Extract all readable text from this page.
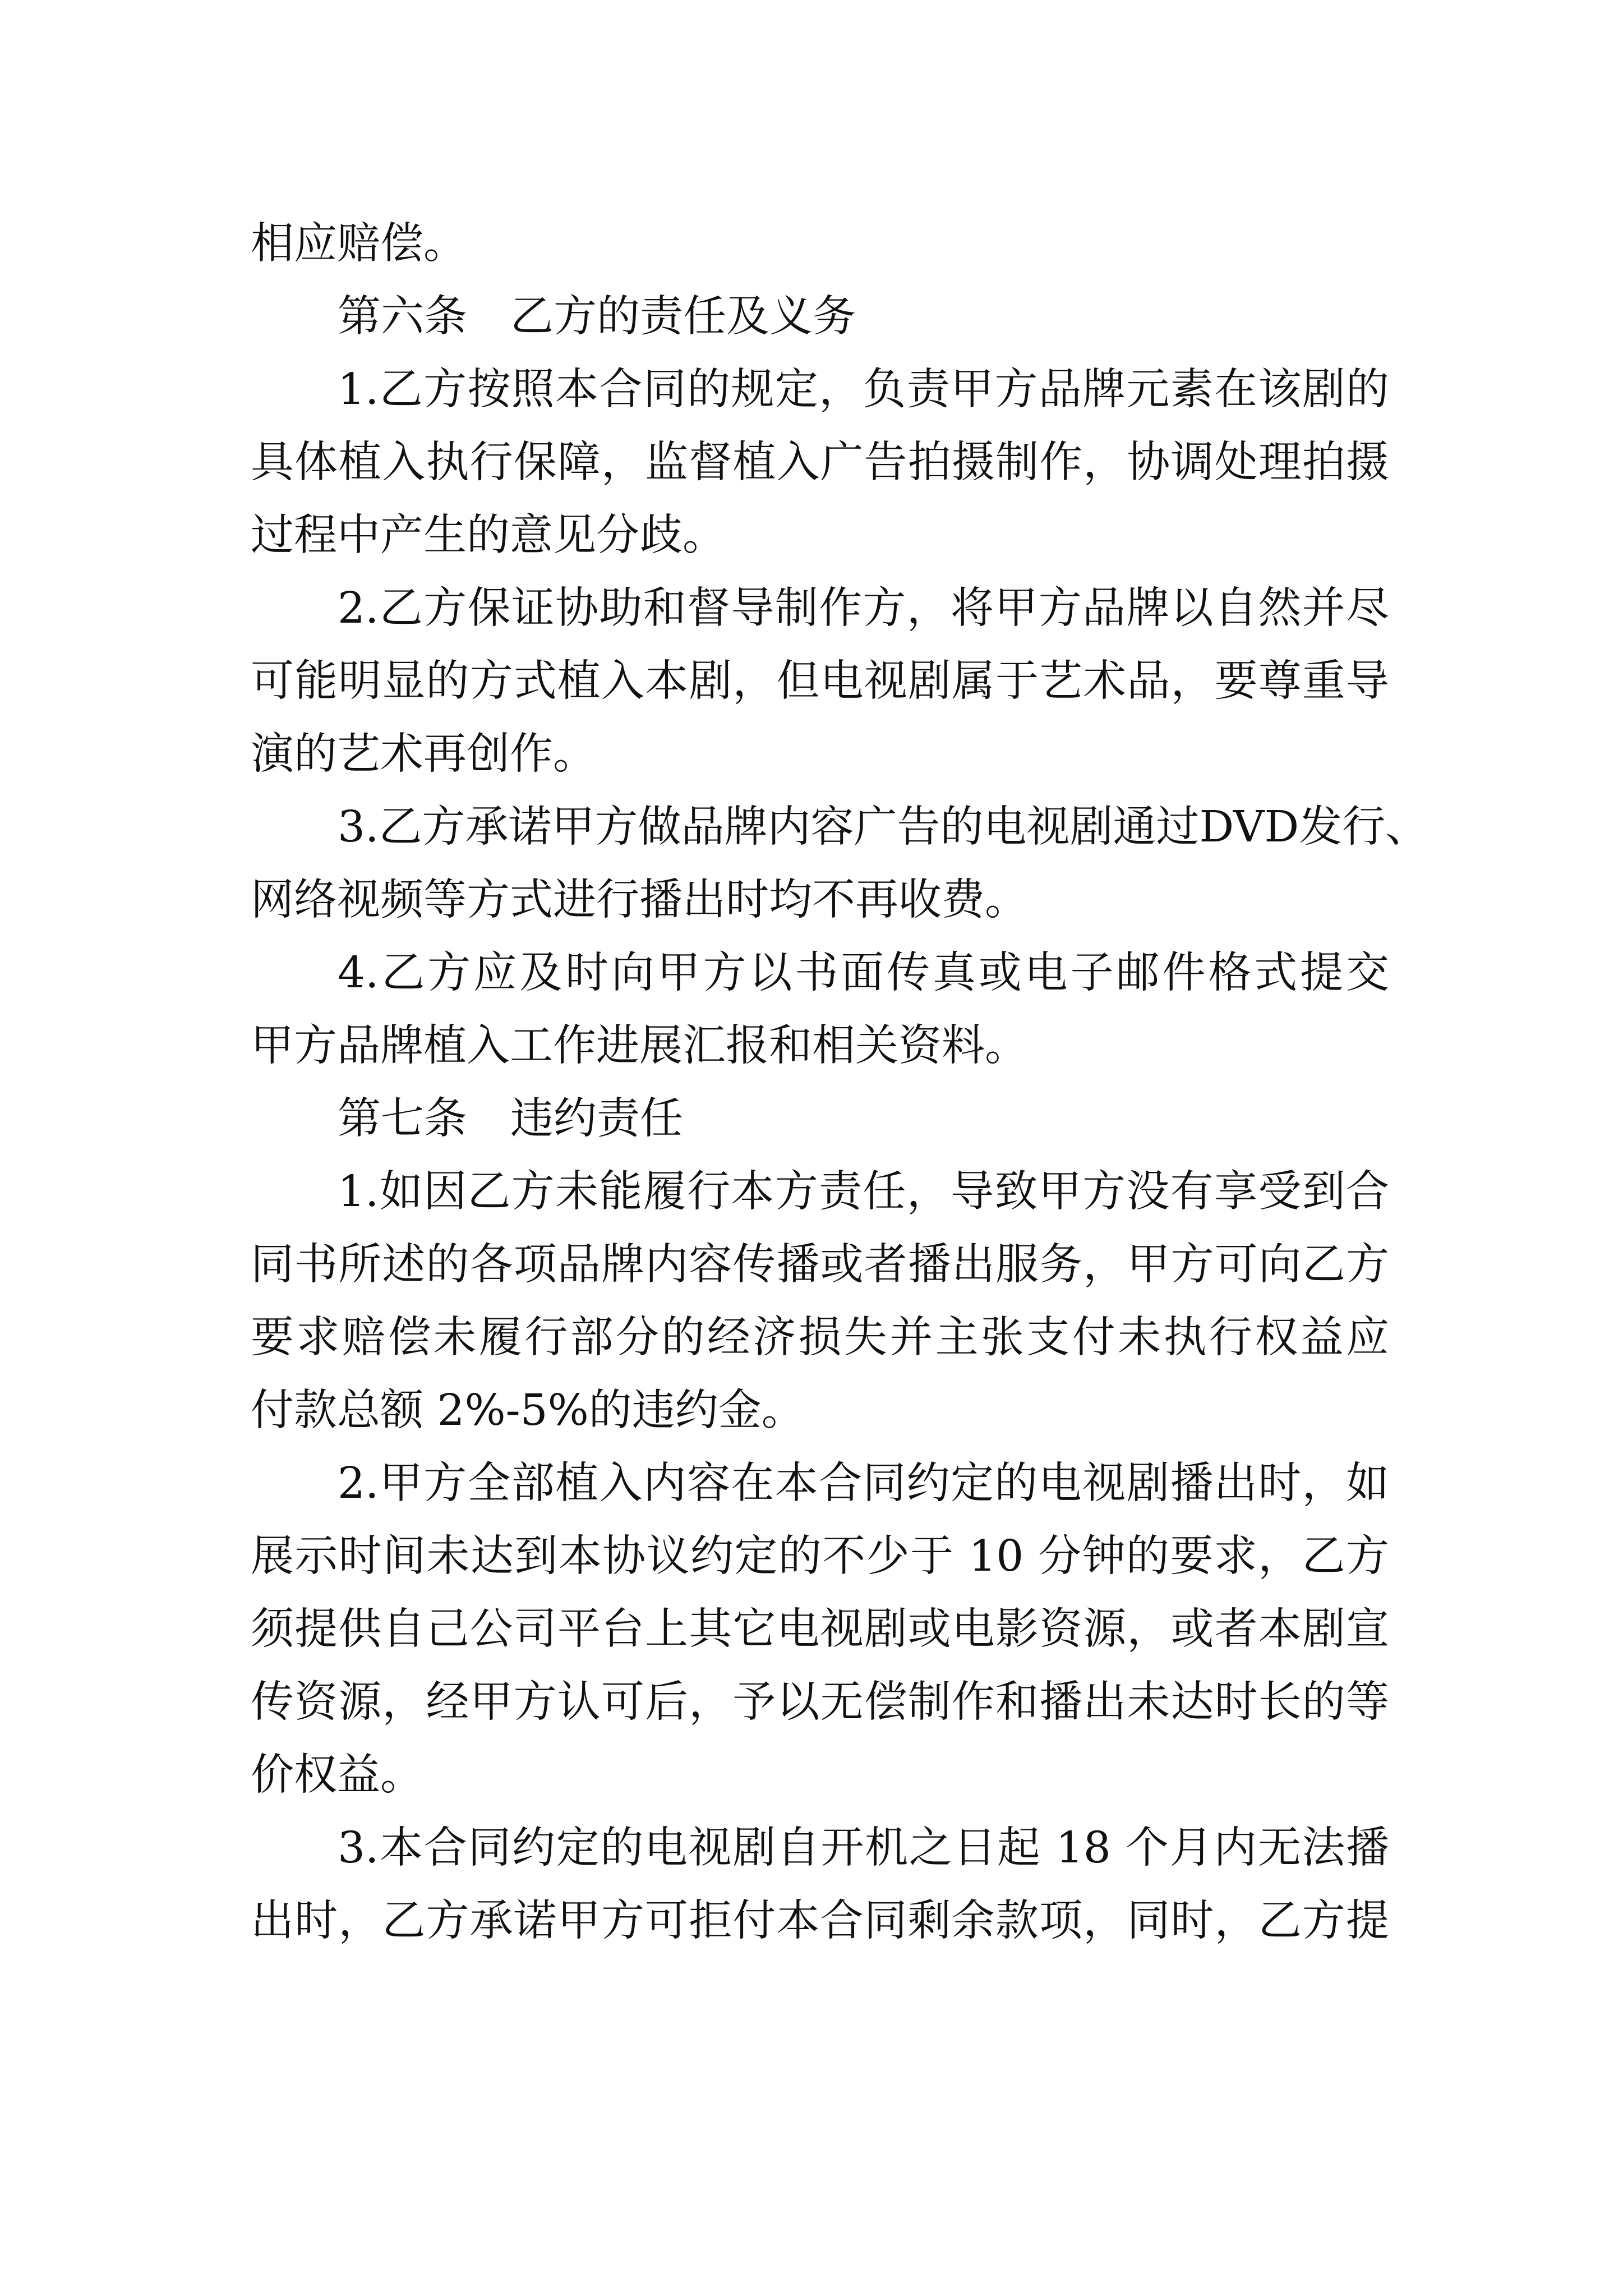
相应赔偿。
第六条　乙方的责任及义务
1.乙方按照本合同的规定，负责甲方品牌元素在该剧的
具体植入执行保障，监督植入广告拍摄制作，协调处理拍摄
过程中产生的意见分歧。
2.乙方保证协助和督导制作方，将甲方品牌以自然并尽
可能明显的方式植入本剧，但电视剧属于艺术品，要尊重导
演的艺术再创作。
3.乙方承诺甲方做品牌内容广告的电视剧通过DVD发行、
网络视频等方式进行播出时均不再收费。
4.乙方应及时向甲方以书面传真或电子邮件格式提交
甲方品牌植入工作进展汇报和相关资料。
第七条　违约责任
1.如因乙方未能履行本方责任，导致甲方没有享受到合
同书所述的各项品牌内容传播或者播出服务，甲方可向乙方
要求赔偿未履行部分的经济损失并主张支付未执行权益应
付款总额 2%-5%的违约金。
2.甲方全部植入内容在本合同约定的电视剧播出时，如
展示时间未达到本协议约定的不少于 10 分钟的要求，乙方
须提供自己公司平台上其它电视剧或电影资源，或者本剧宣
传资源，经甲方认可后，予以无偿制作和播出未达时长的等
价权益。
3.本合同约定的电视剧自开机之日起 18 个月内无法播
出时，乙方承诺甲方可拒付本合同剩余款项，同时，乙方提
